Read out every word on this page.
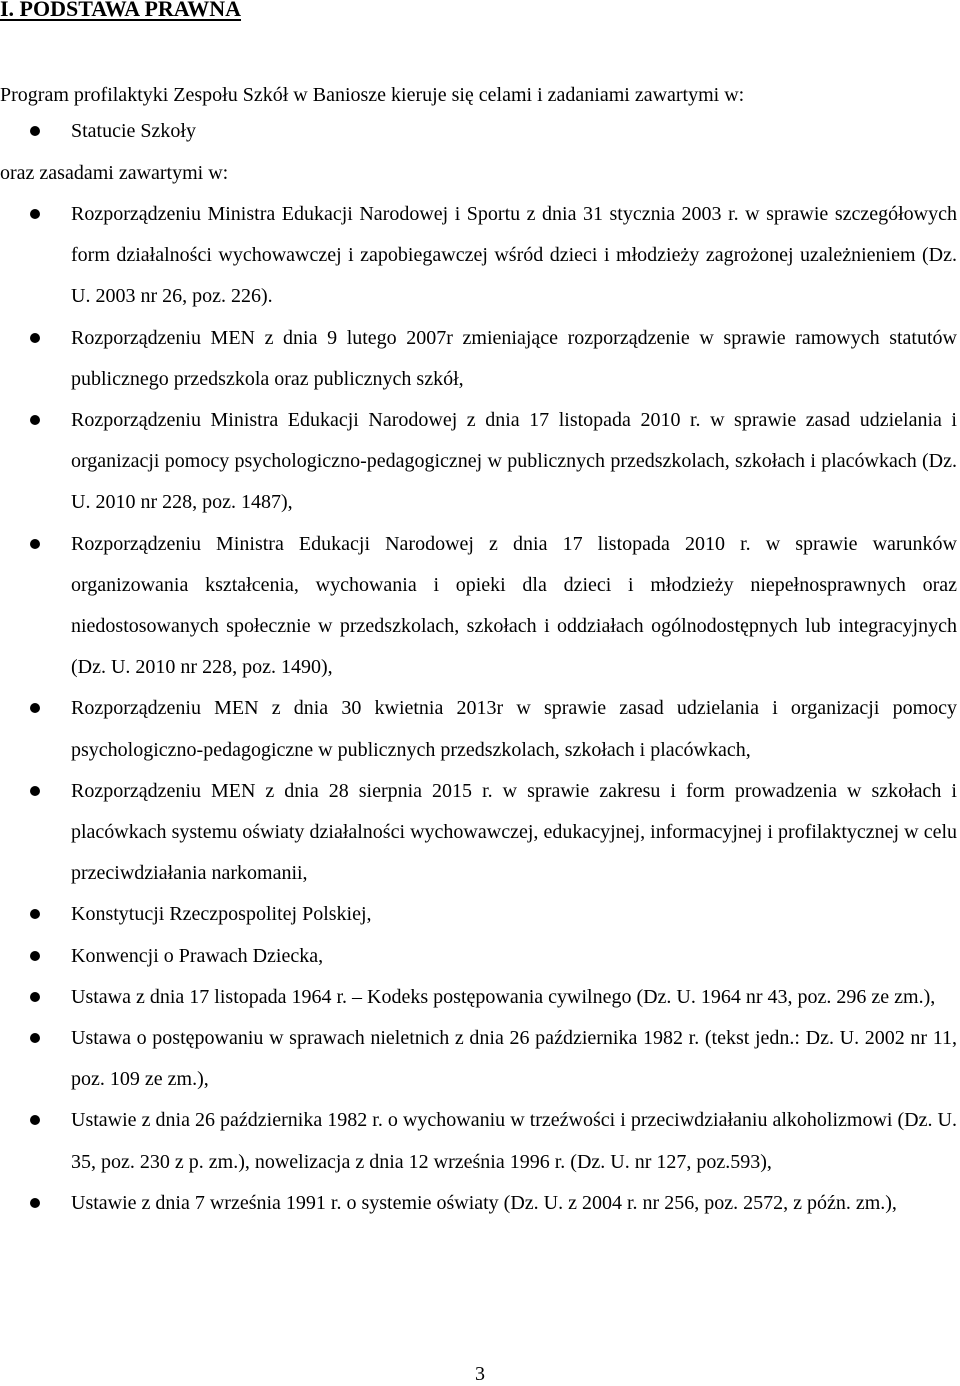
I. PODSTAWA PRAWNA

Program profilaktyki Zespołu Szkół w Baniosze kieruje się celami i zadaniami zawartymi w:

Statucie Szkoły

oraz zasadami zawartymi w:

Rozporządzeniu Ministra Edukacji Narodowej i Sportu z dnia 31 stycznia 2003 r. w sprawie szczegółowych form działalności wychowawczej i zapobiegawczej wśród dzieci i młodzieży zagrożonej uzależnieniem (Dz. U. 2003 nr 26, poz. 226).
Rozporządzeniu MEN z dnia 9 lutego 2007r zmieniające rozporządzenie w sprawie ramowych statutów publicznego przedszkola oraz publicznych szkół,
Rozporządzeniu Ministra Edukacji Narodowej z dnia 17 listopada 2010 r. w sprawie zasad udzielania i organizacji pomocy psychologiczno-pedagogicznej w publicznych przedszkolach, szkołach i placówkach (Dz. U. 2010 nr 228, poz. 1487),
Rozporządzeniu Ministra Edukacji Narodowej z dnia 17 listopada 2010 r. w sprawie warunków organizowania kształcenia, wychowania i opieki dla dzieci i młodzieży niepełnosprawnych oraz niedostosowanych społecznie w przedszkolach, szkołach i oddziałach ogólnodostępnych lub integracyjnych (Dz. U. 2010 nr 228, poz. 1490),
Rozporządzeniu MEN z dnia 30 kwietnia 2013r w sprawie zasad udzielania i organizacji pomocy psychologiczno-pedagogiczne w publicznych przedszkolach, szkołach i placówkach,
Rozporządzeniu MEN z dnia 28 sierpnia 2015 r. w sprawie zakresu i form prowadzenia w szkołach i placówkach systemu oświaty działalności wychowawczej, edukacyjnej, informacyjnej i profilaktycznej w celu przeciwdziałania narkomanii,
Konstytucji Rzeczpospolitej Polskiej,
Konwencji o Prawach Dziecka,
Ustawa z dnia 17 listopada 1964 r. – Kodeks postępowania cywilnego (Dz. U. 1964 nr 43, poz. 296 ze zm.),
Ustawa o postępowaniu w sprawach nieletnich z dnia 26 października 1982 r. (tekst jedn.: Dz. U. 2002 nr 11, poz. 109 ze zm.),
Ustawie z dnia 26 października 1982 r. o wychowaniu w trzeźwości i przeciwdziałaniu alkoholizmowi (Dz. U. 35, poz. 230 z p. zm.), nowelizacja z dnia 12 września 1996 r. (Dz. U. nr 127, poz.593),
Ustawie z dnia 7 września 1991 r. o systemie oświaty (Dz. U. z 2004 r. nr 256, poz. 2572, z późn. zm.),
3
